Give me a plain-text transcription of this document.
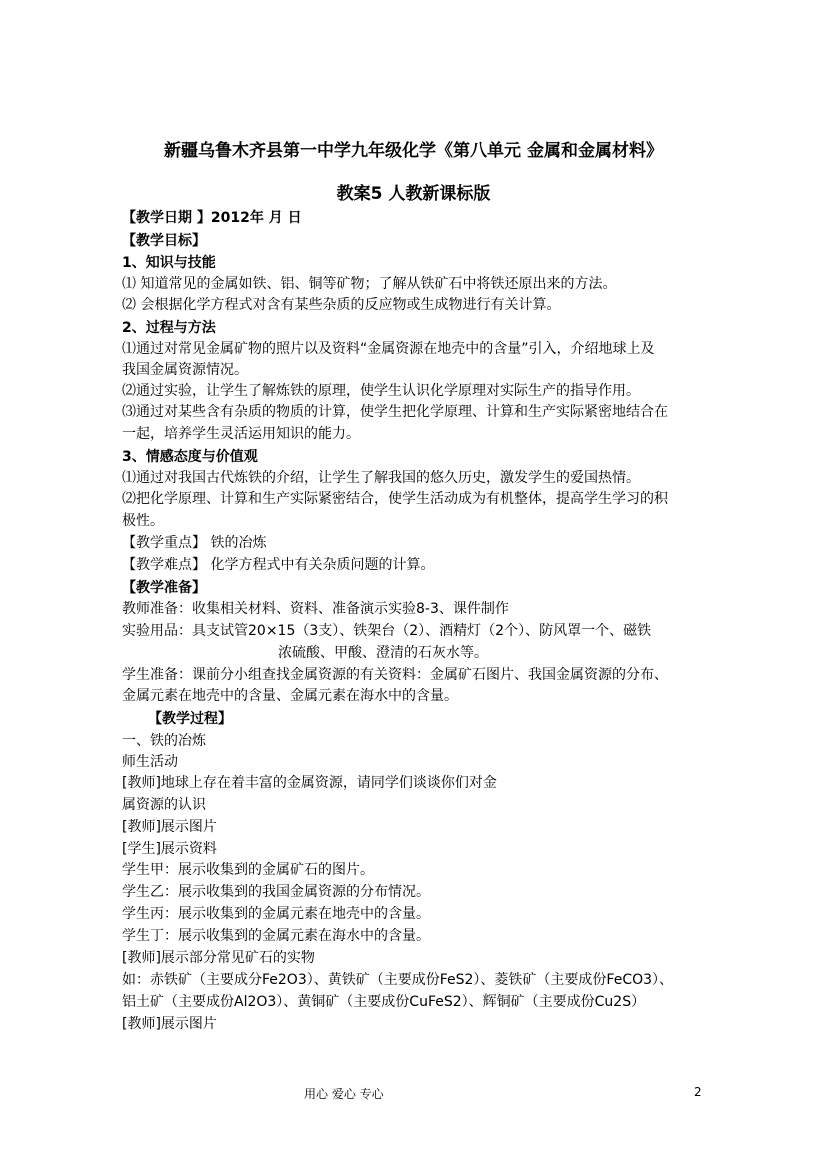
新疆乌鲁木齐县第一中学九年级化学《第八单元 金属和金属材料》
教案5 人教新课标版
【教学日期 】2012年 月 日
【教学目标】
1、知识与技能
⑴ 知道常见的金属如铁、铝、铜等矿物；了解从铁矿石中将铁还原出来的方法。
⑵ 会根据化学方程式对含有某些杂质的反应物或生成物进行有关计算。
2、过程与方法
⑴通过对常见金属矿物的照片以及资料“金属资源在地壳中的含量”引入，介绍地球上及
我国金属资源情况。
⑵通过实验，让学生了解炼铁的原理，使学生认识化学原理对实际生产的指导作用。
⑶通过对某些含有杂质的物质的计算，使学生把化学原理、计算和生产实际紧密地结合在
一起，培养学生灵活运用知识的能力。
3、情感态度与价值观
⑴通过对我国古代炼铁的介绍，让学生了解我国的悠久历史，激发学生的爱国热情。
⑵把化学原理、计算和生产实际紧密结合，使学生活动成为有机整体，提高学生学习的积
极性。
【教学重点】 铁的冶炼
【教学难点】 化学方程式中有关杂质问题的计算。
【教学准备】
教师准备：收集相关材料、资料、准备演示实验8-3、课件制作
实验用品：具支试管20×15（3支）、铁架台（2）、酒精灯（2个）、防风罩一个、磁铁
浓硫酸、甲酸、澄清的石灰水等。
学生准备：课前分小组查找金属资源的有关资料：金属矿石图片、我国金属资源的分布、
金属元素在地壳中的含量、金属元素在海水中的含量。
【教学过程】
一、铁的冶炼
师生活动
[教师]地球上存在着丰富的金属资源，请同学们谈谈你们对金
属资源的认识
[教师]展示图片
[学生]展示资料
学生甲：展示收集到的金属矿石的图片。
学生乙：展示收集到的我国金属资源的分布情况。
学生丙：展示收集到的金属元素在地壳中的含量。
学生丁：展示收集到的金属元素在海水中的含量。
[教师]展示部分常见矿石的实物
如：赤铁矿（主要成分Fe2O3）、黄铁矿（主要成份FeS2）、菱铁矿（主要成份FeCO3）、
铝土矿（主要成份Al2O3）、黄铜矿（主要成份CuFeS2）、辉铜矿（主要成份Cu2S）
[教师]展示图片
用心 爱心 专心	2
